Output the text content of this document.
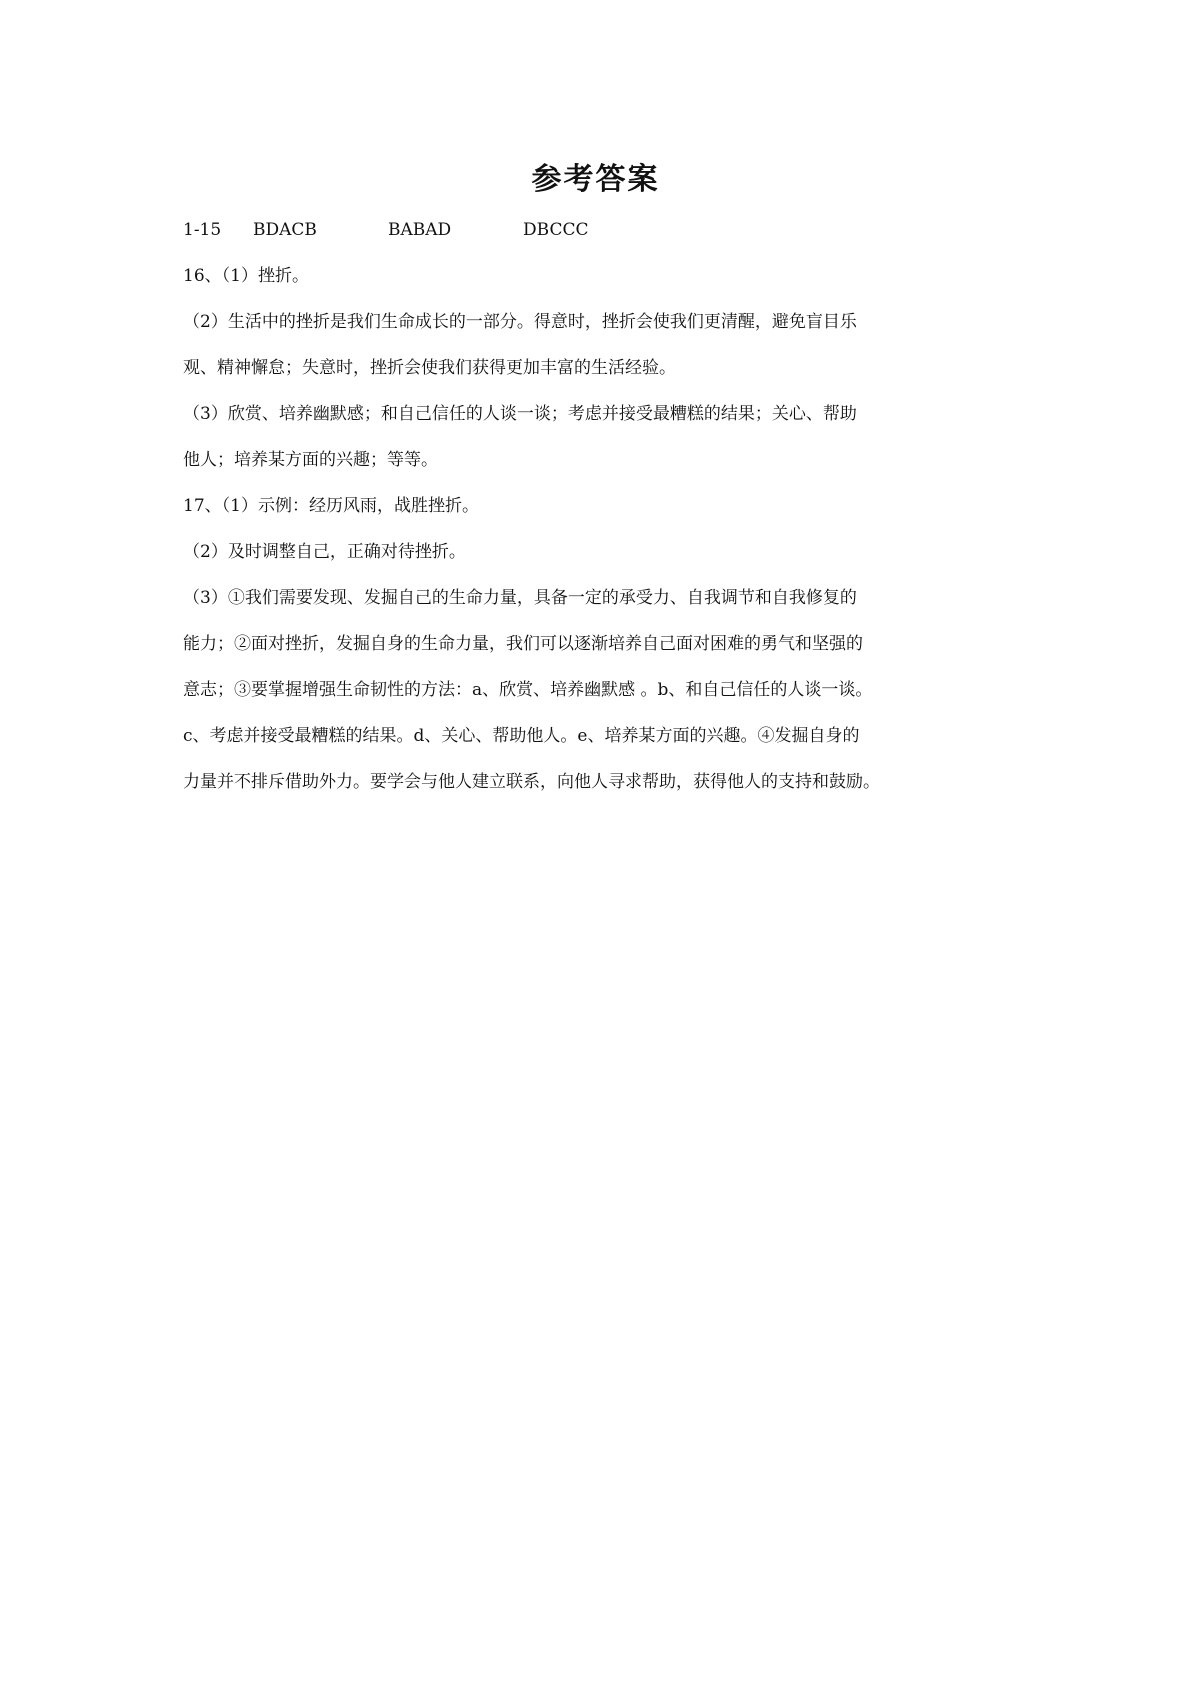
参考答案
1-15	BDACB	BABAD	DBCCC

16、（1）挫折。

（2）生活中的挫折是我们生命成长的一部分。得意时，挫折会使我们更清醒，避免盲目乐

观、精神懈怠；失意时，挫折会使我们获得更加丰富的生活经验。

（3）欣赏、培养幽默感；和自己信任的人谈一谈；考虑并接受最糟糕的结果；关心、帮助

他人；培养某方面的兴趣；等等。

17、（1）示例：经历风雨，战胜挫折。

（2）及时调整自己，正确对待挫折。

（3）①我们需要发现、发掘自己的生命力量，具备一定的承受力、自我调节和自我修复的

能力；②面对挫折，发掘自身的生命力量，我们可以逐渐培养自己面对困难的勇气和坚强的

意志；③要掌握增强生命韧性的方法：a、欣赏、培养幽默感 。b、和自己信任的人谈一谈。

c、考虑并接受最糟糕的结果。d、关心、帮助他人。e、培养某方面的兴趣。④发掘自身的

力量并不排斥借助外力。要学会与他人建立联系，向他人寻求帮助，获得他人的支持和鼓励。
